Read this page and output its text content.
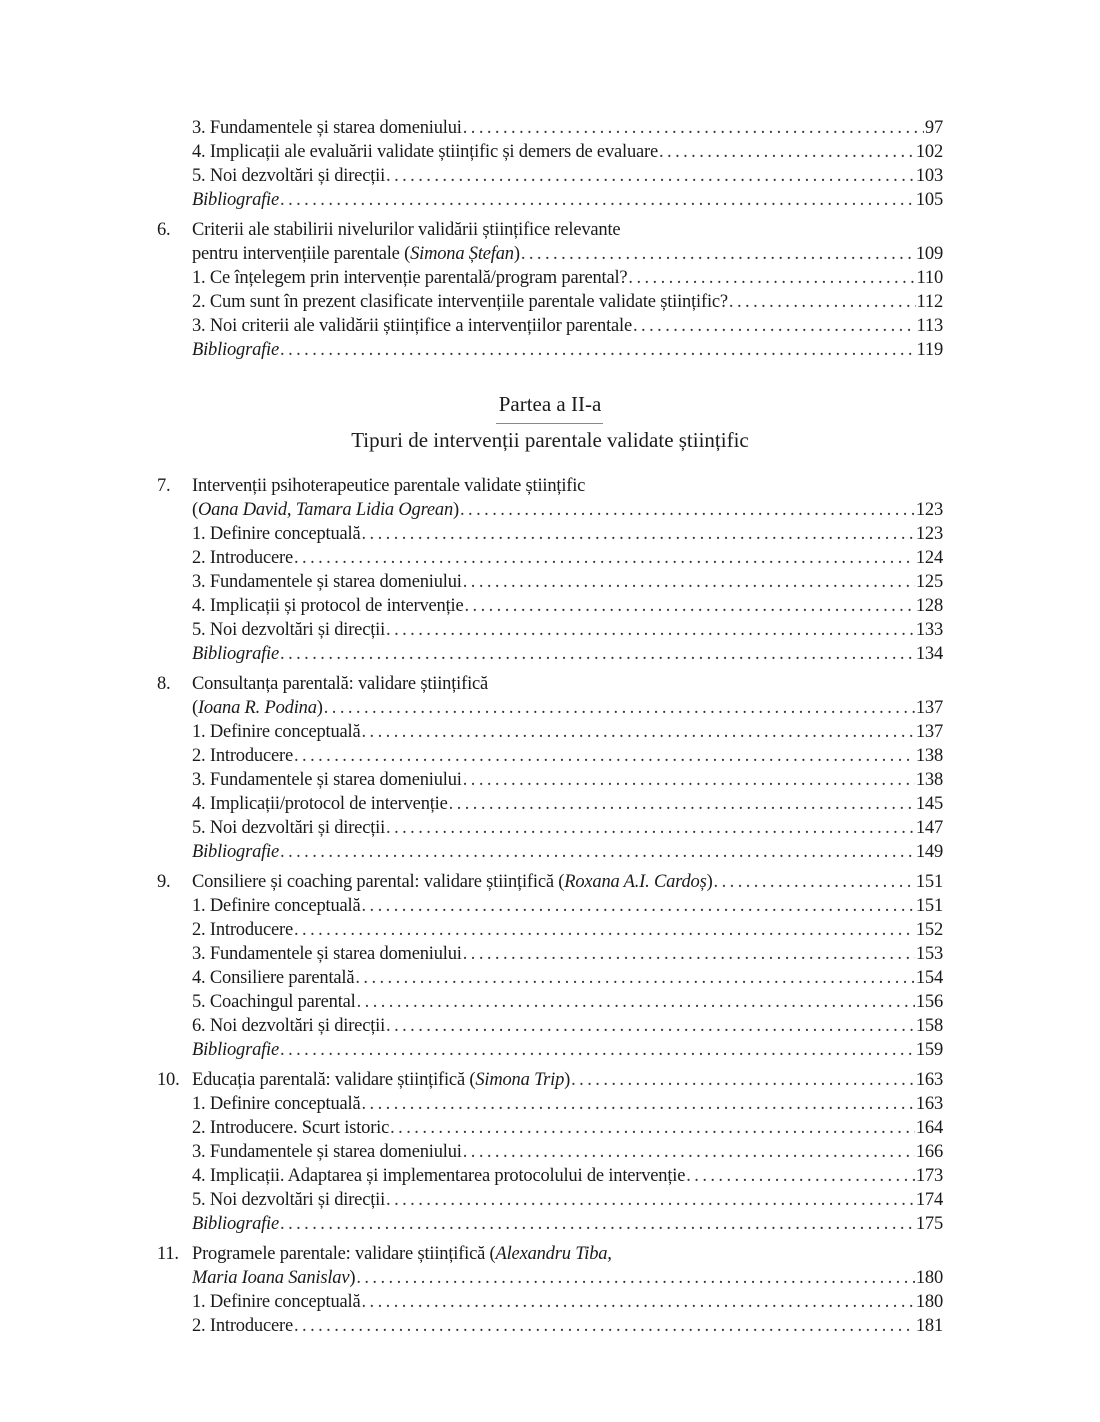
3. Fundamentele și starea domeniului . . .	97
4. Implicații ale evaluării validate științific și demers de evaluare . . .	102
5. Noi dezvoltări și direcții . . .	103
Bibliografie . . .	105
6.	Criterii ale stabilirii nivelurilor validării științifice relevante
pentru intervențiile parentale (Simona Ștefan) . . .	109
1. Ce înțelegem prin intervenție parentală/program parental? . . .	110
2. Cum sunt în prezent clasificate intervențiile parentale validate științific? . . .	112
3. Noi criterii ale validării științifice a intervențiilor parentale . . .	113
Bibliografie . . .	119
Partea a II-a
Tipuri de intervenții parentale validate științific
7.	Intervenții psihoterapeutice parentale validate științific
(Oana David, Tamara Lidia Ogrean) . . .	123
1. Definire conceptuală . . .	123
2. Introducere . . .	124
3. Fundamentele și starea domeniului . . .	125
4. Implicații și protocol de intervenție . . .	128
5. Noi dezvoltări și direcții . . .	133
Bibliografie . . .	134
8.	Consultanța parentală: validare științifică
(Ioana R. Podina) . . .	137
1. Definire conceptuală . . .	137
2. Introducere . . .	138
3. Fundamentele și starea domeniului . . .	138
4. Implicații/protocol de intervenție . . .	145
5. Noi dezvoltări și direcții . . .	147
Bibliografie . . .	149
9.	Consiliere și coaching parental: validare științifică (Roxana A.I. Cardoș) . . .	151
1. Definire conceptuală . . .	151
2. Introducere . . .	152
3. Fundamentele și starea domeniului . . .	153
4. Consiliere parentală . . .	154
5. Coachingul parental . . .	156
6. Noi dezvoltări și direcții . . .	158
Bibliografie . . .	159
10. Educația parentală: validare științifică (Simona Trip) . . .	163
1. Definire conceptuală . . .	163
2. Introducere. Scurt istoric . . .	164
3. Fundamentele și starea domeniului . . .	166
4. Implicații. Adaptarea și implementarea protocolului de intervenție . . .	173
5. Noi dezvoltări și direcții . . .	174
Bibliografie . . .	175
11. Programele parentale: validare științifică (Alexandru Tiba,
Maria Ioana Sanislav) . . .	180
1. Definire conceptuală . . .	180
2. Introducere . . .	181
